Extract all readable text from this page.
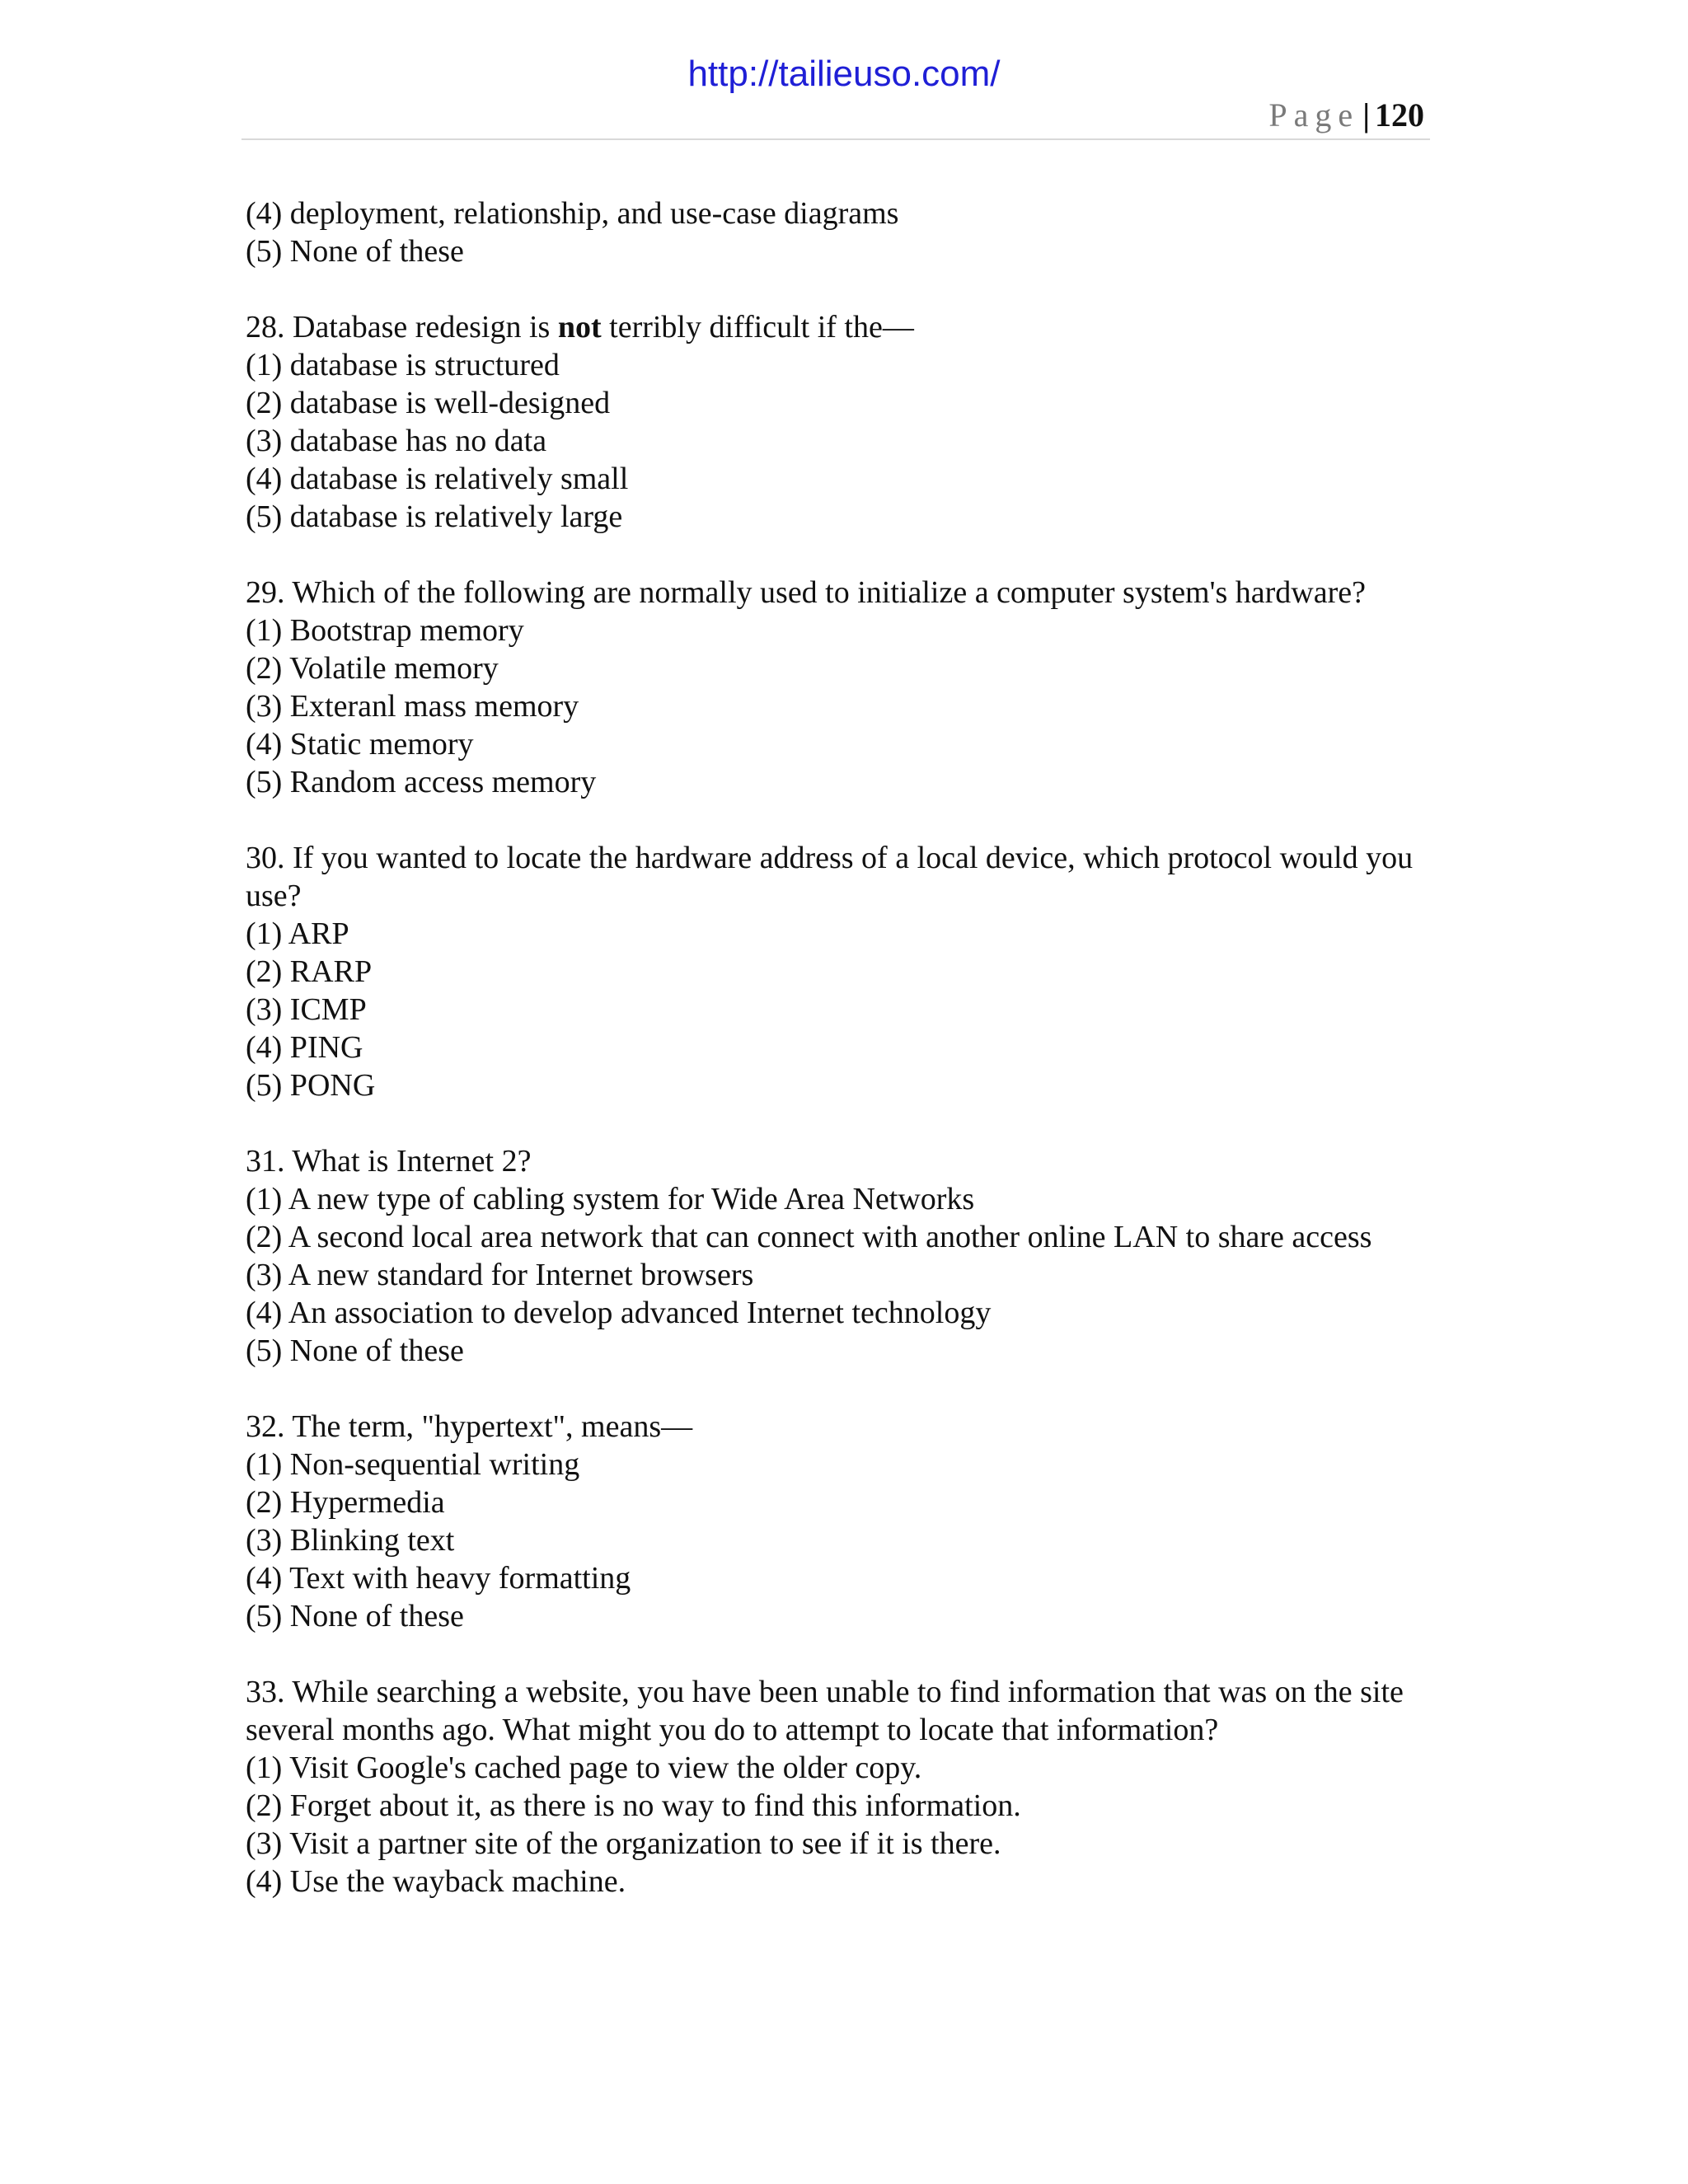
http://tailieuso.com/
Page | 120
(4) deployment, relationship, and use-case diagrams
(5) None of these
28. Database redesign is not terribly difficult if the—
(1) database is structured
(2) database is well-designed
(3) database has no data
(4) database is relatively small
(5) database is relatively large
29. Which of the following are normally used to initialize a computer system's hardware?
(1) Bootstrap memory
(2) Volatile memory
(3) Exteranl mass memory
(4) Static memory
(5) Random access memory
30. If you wanted to locate the hardware address of a local device, which protocol would you use?
(1) ARP
(2) RARP
(3) ICMP
(4) PING
(5) PONG
31. What is Internet 2?
(1) A new type of cabling system for Wide Area Networks
(2) A second local area network that can connect with another online LAN to share access
(3) A new standard for Internet browsers
(4) An association to develop advanced Internet technology
(5) None of these
32. The term, "hypertext", means—
(1) Non-sequential writing
(2) Hypermedia
(3) Blinking text
(4) Text with heavy formatting
(5) None of these
33. While searching a website, you have been unable to find information that was on the site several months ago. What might you do to attempt to locate that information?
(1) Visit Google's cached page to view the older copy.
(2) Forget about it, as there is no way to find this information.
(3) Visit a partner site of the organization to see if it is there.
(4) Use the wayback machine.
